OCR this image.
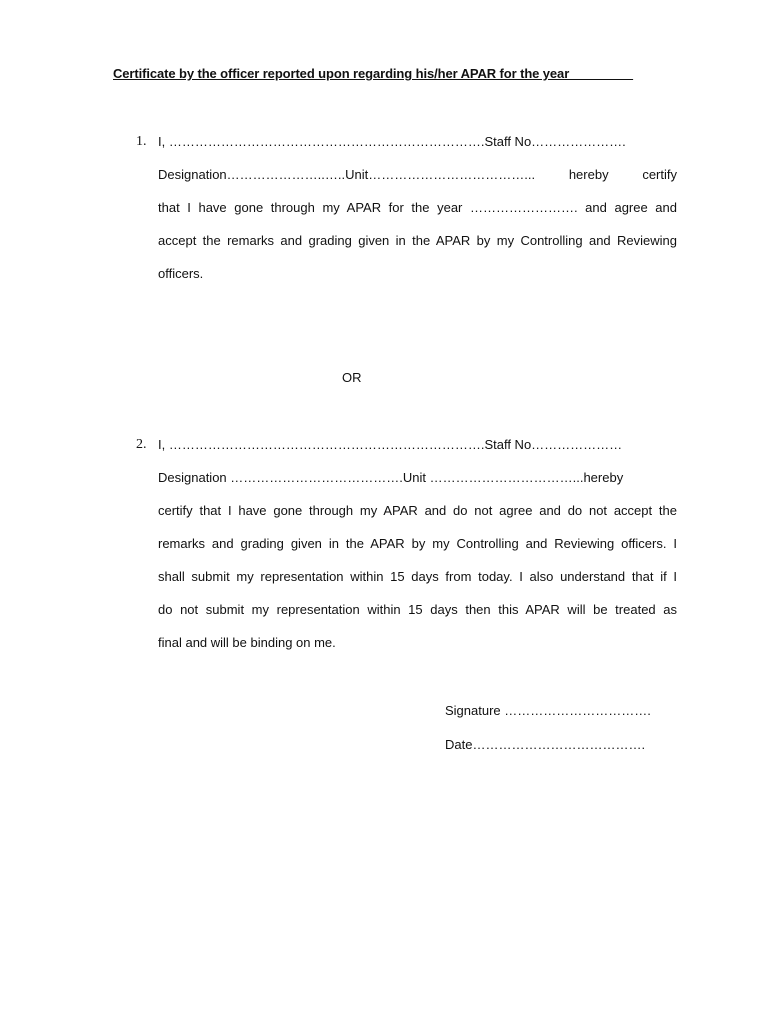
Certificate by the officer reported upon regarding his/her APAR for the year _ _ _ _ _ _
1. I, ……………………………………………………………….Staff No………………….
Designation…………………..…..Unit………………………………... hereby certify
that I have gone through my APAR for the year ……………………. and agree and
accept the remarks and grading given in the APAR by my Controlling and Reviewing
officers.
OR
2. I, ……………………………………………………………….Staff No…………………
Designation ………………………………….Unit ……………………………...hereby
certify that I have gone through my APAR and do not agree and do not accept the
remarks and grading given in the APAR by my Controlling and Reviewing officers. I
shall submit my representation within 15 days from today. I also understand that if I
do not submit my representation within 15 days then this APAR will be treated as
final and will be binding on me.
Signature …………………………….
Date………………………………….
